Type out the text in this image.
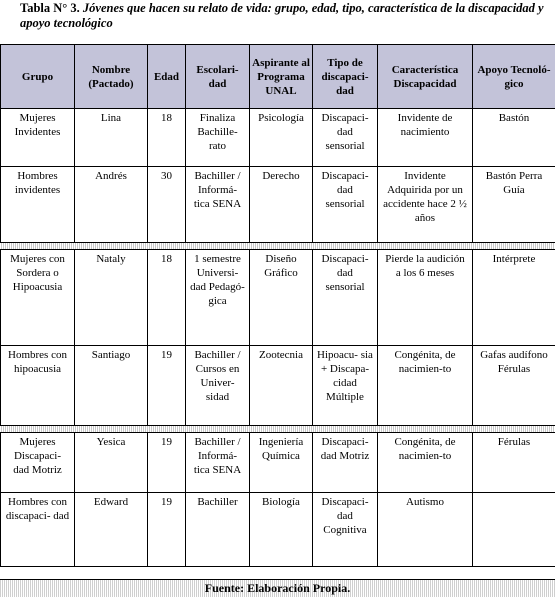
Tabla N° 3. Jóvenes que hacen su relato de vida: grupo, edad, tipo, característica de la discapacidad y apoyo tecnológico
Grupo	Nombre (Pactado)	Edad	Escolari- dad	Aspirante al Programa UNAL	Tipo de discapaci- dad	Característica Discapacidad	Apoyo Tecnoló- gico
Mujeres Invidentes	Lina	18	Finaliza Bachille- rato	Psicología	Discapaci- dad sensorial	Invidente de nacimiento	Bastón
Hombres invidentes	Andrés	30	Bachiller / Informá- tica SENA	Derecho	Discapaci- dad sensorial	Invidente Adquirida por un accidente hace 2 ½ años	Bastón Perra Guía

Mujeres con Sordera o Hipoacusia	Nataly	18	1 semestre Universi- dad Pedagó- gica	Diseño Gráfico	Discapaci- dad sensorial	Pierde la audición a los 6 meses	Intérprete
Hombres con hipoacusia	Santiago	19	Bachiller / Cursos en Univer- sidad	Zootecnia	Hipoacu- sia + Discapa- cidad Múltiple	Congénita, de nacimien-to	Gafas audífono Férulas

Mujeres Discapaci- dad Motriz	Yesica	19	Bachiller / Informá- tica SENA	Ingeniería Química	Discapaci- dad Motriz	Congénita, de nacimien-to	Férulas
Hombres con discapaci- dad	Edward	19	Bachiller	Biología	Discapaci- dad Cognitiva	Autismo	
Fuente: Elaboración Propia.
